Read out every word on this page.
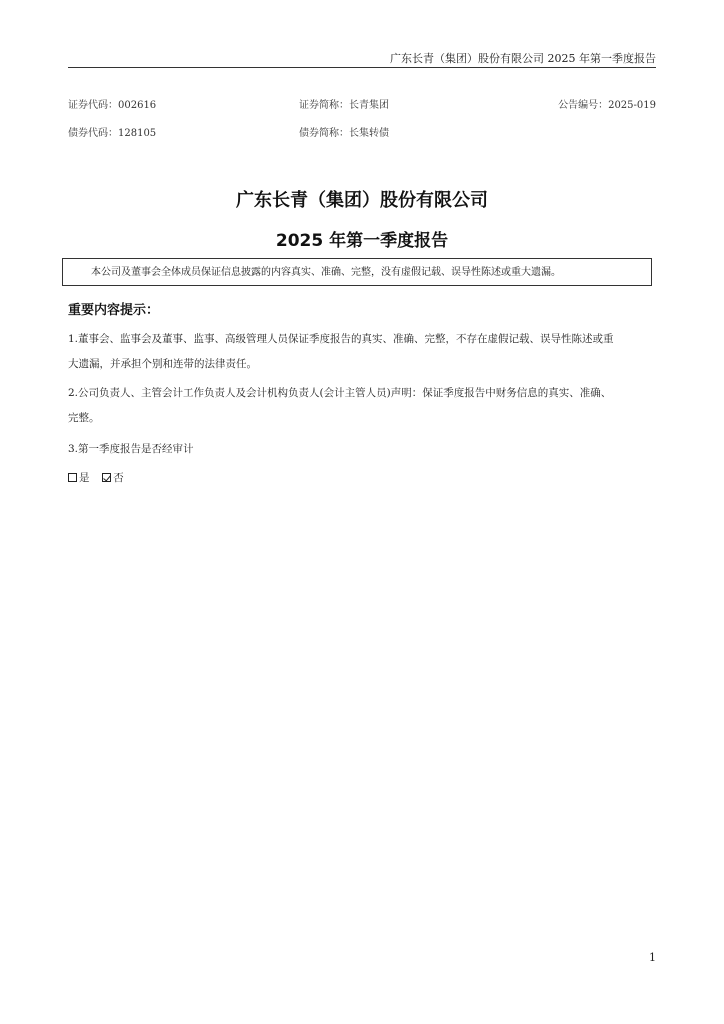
广东长青（集团）股份有限公司 2025 年第一季度报告
证券代码：002616	证券简称：长青集团	公告编号：2025-019
债券代码：128105	债券简称：长集转债
广东长青（集团）股份有限公司
2025 年第一季度报告
本公司及董事会全体成员保证信息披露的内容真实、准确、完整，没有虚假记载、误导性陈述或重大遗漏。
重要内容提示：
1.董事会、监事会及董事、监事、高级管理人员保证季度报告的真实、准确、完整，不存在虚假记载、误导性陈述或重
大遗漏，并承担个别和连带的法律责任。
2.公司负责人、主管会计工作负责人及会计机构负责人(会计主管人员)声明：保证季度报告中财务信息的真实、准确、
完整。
3.第一季度报告是否经审计
是 否
1
